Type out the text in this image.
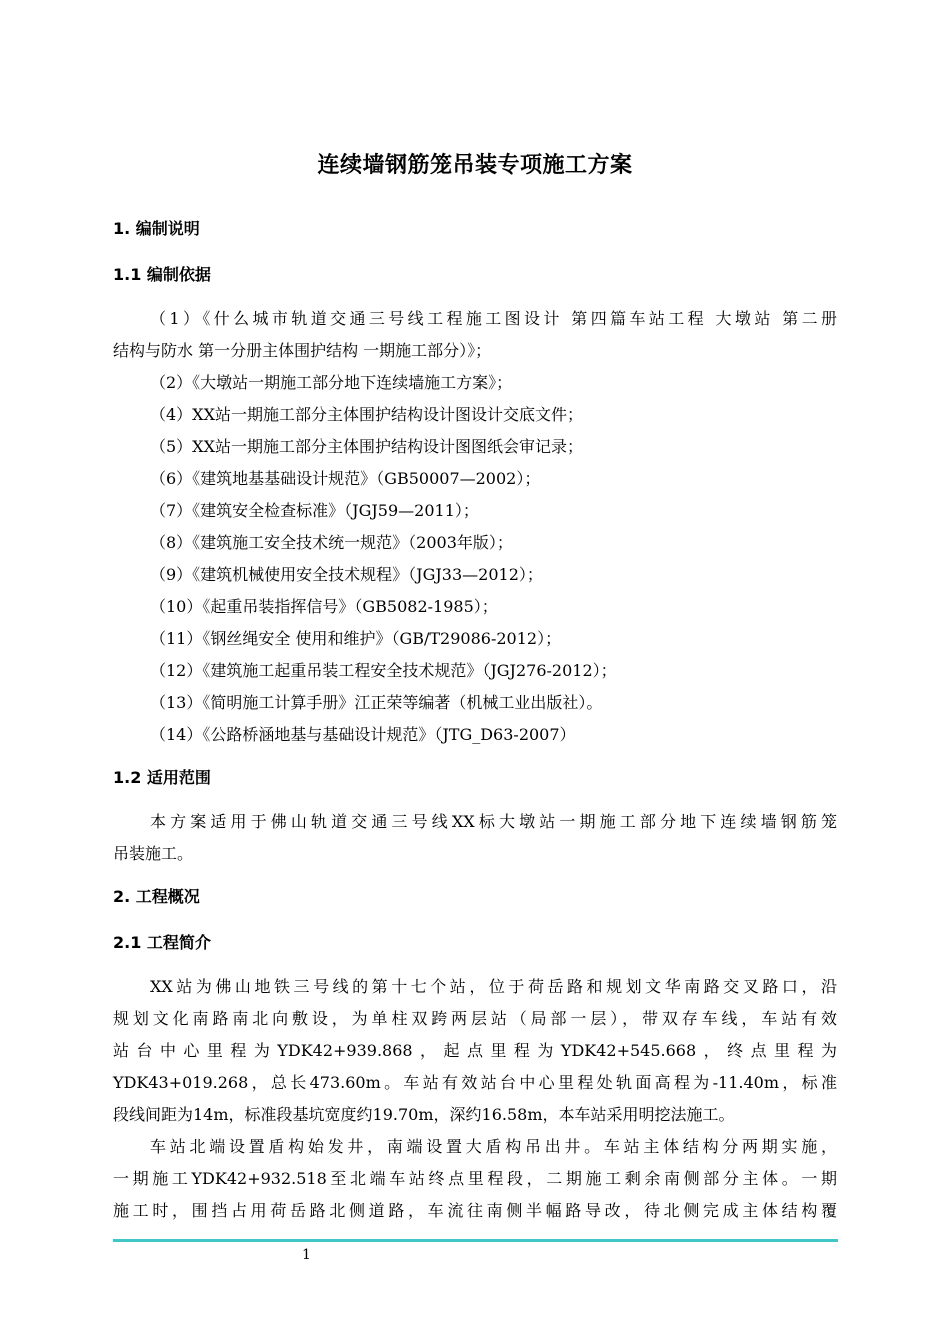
连续墙钢筋笼吊装专项施工方案
1. 编制说明
1.1 编制依据
（1）《什么城市轨道交通三号线工程施工图设计 第四篇车站工程 大墩站 第二册
结构与防水 第一分册主体围护结构 一期施工部分）》；
（2）《大墩站一期施工部分地下连续墙施工方案》；
（4）XX站一期施工部分主体围护结构设计图设计交底文件；
（5）XX站一期施工部分主体围护结构设计图图纸会审记录；
（6）《建筑地基基础设计规范》（GB50007—2002）；
（7）《建筑安全检查标准》（JGJ59—2011）；
（8）《建筑施工安全技术统一规范》（2003年版）；
（9）《建筑机械使用安全技术规程》（JGJ33—2012）；
（10）《起重吊装指挥信号》（GB5082-1985）；
（11）《钢丝绳安全 使用和维护》（GB/T29086-2012）；
（12）《建筑施工起重吊装工程安全技术规范》（JGJ276-2012）；
（13）《简明施工计算手册》江正荣等编著（机械工业出版社）。
（14）《公路桥涵地基与基础设计规范》（JTG_D63-2007）
1.2 适用范围
本方案适用于佛山轨道交通三号线XX标大墩站一期施工部分地下连续墙钢筋笼
吊装施工。
2. 工程概况
2.1 工程简介
XX站为佛山地铁三号线的第十七个站，位于荷岳路和规划文华南路交叉路口，沿
规划文化南路南北向敷设，为单柱双跨两层站（局部一层），带双存车线，车站有效
站台中心里程为YDK42+939.868，起点里程为YDK42+545.668，终点里程为
YDK43+019.268，总长473.60m。车站有效站台中心里程处轨面高程为-11.40m，标准
段线间距为14m，标准段基坑宽度约19.70m，深约16.58m，本车站采用明挖法施工。
车站北端设置盾构始发井，南端设置大盾构吊出井。车站主体结构分两期实施，
一期施工YDK42+932.518至北端车站终点里程段，二期施工剩余南侧部分主体。一期
施工时，围挡占用荷岳路北侧道路，车流往南侧半幅路导改，待北侧完成主体结构覆
1
